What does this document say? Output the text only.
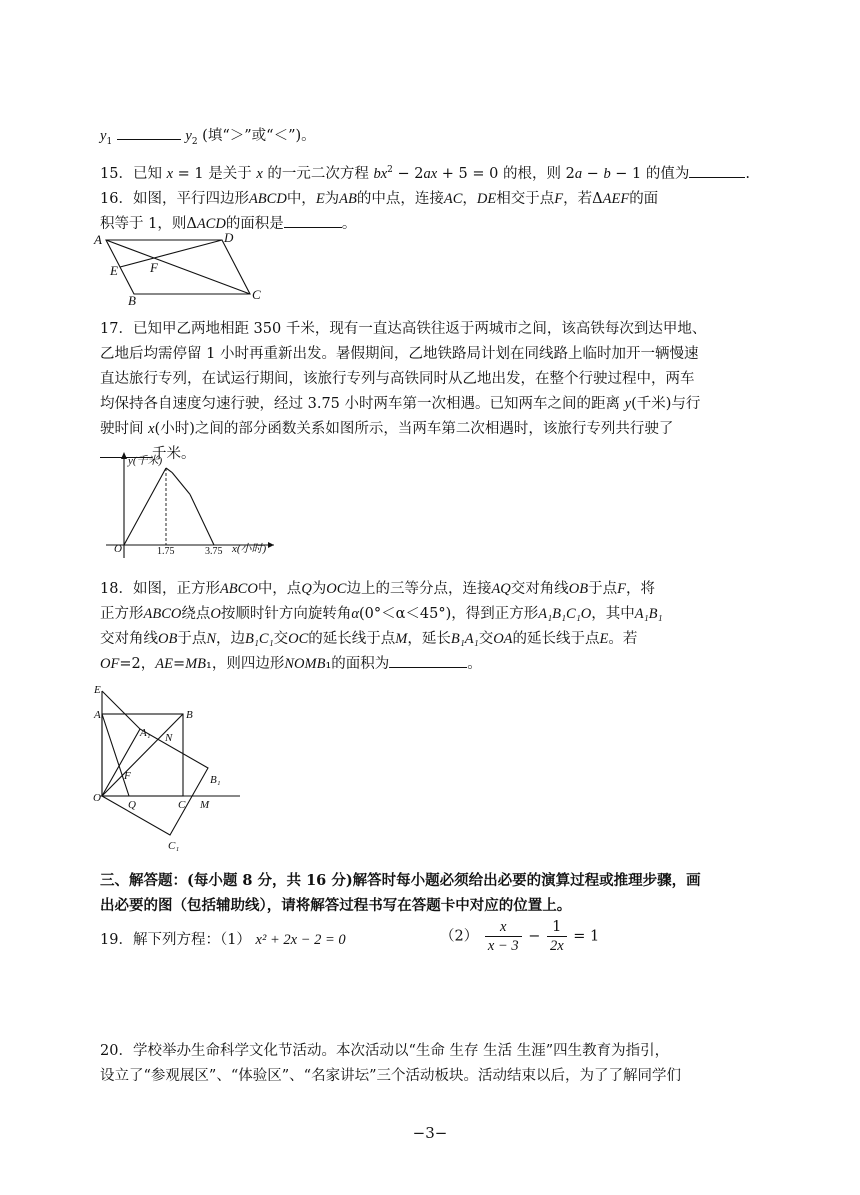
$y_1$	$y_2$ (填“＞”或“＜”)。
15．已知 x = 1 是关于 x 的一元二次方程 $bx^2 - 2ax + 5 = 0$ 的根，则 2a − b − 1 的值为	.
16．如图，平行四边形ABCD中，E为AB的中点，连接AC，DE相交于点F，若ΔAEF的面
积等于 1，则ΔACD的面积是	。
A	D
E F
B	C
17．已知甲乙两地相距 350 千米，现有一直达高铁往返于两城市之间，该高铁每次到达甲地、
乙地后均需停留 1 小时再重新出发。暑假期间，乙地铁路局计划在同线路上临时加开一辆慢速
直达旅行专列，在试运行期间，该旅行专列与高铁同时从乙地出发，在整个行驶过程中，两车
均保持各自速度匀速行驶，经过 3.75 小时两车第一次相遇。已知两车之间的距离 y(千米)与行
驶时间 x(小时)之间的部分函数关系如图所示，当两车第二次相遇时，该旅行专列共行驶了
千米。
y(千米)
x(小时)
O	1.75	3.75
18．如图，正方形ABCO中，点Q为OC边上的三等分点，连接AQ交对角线OB于点F，将
正方形ABCO绕点O按顺时针方向旋转角α(0°＜α＜45°)，得到正方形A₁B₁C₁O，其中A₁B₁
交对角线OB于点N，边B₁C₁交OC的延长线于点M，延长B₁A₁交OA的延长线于点E。若
OF=2，AE=MB₁，则四边形NOMB₁的面积为	。
E
A	B
A₁ N
F	B₁
O
Q	C M
C₁
三、解答题：(每小题 8 分，共 16 分)解答时每小题必须给出必要的演算过程或推理步骤，画
出必要的图（包括辅助线），请将解答过程书写在答题卡中对应的位置上。
19．解下列方程：（1） x² + 2x − 2 = 0	$(2) \frac{x}{x - 3} - \frac{1}{2x} = 1$
20．学校举办生命科学文化节活动。本次活动以“生命 生存 生活 生涯”四生教育为指引，
设立了“参观展区”、“体验区”、“名家讲坛”三个活动板块。活动结束以后，为了了解同学们
−3−
